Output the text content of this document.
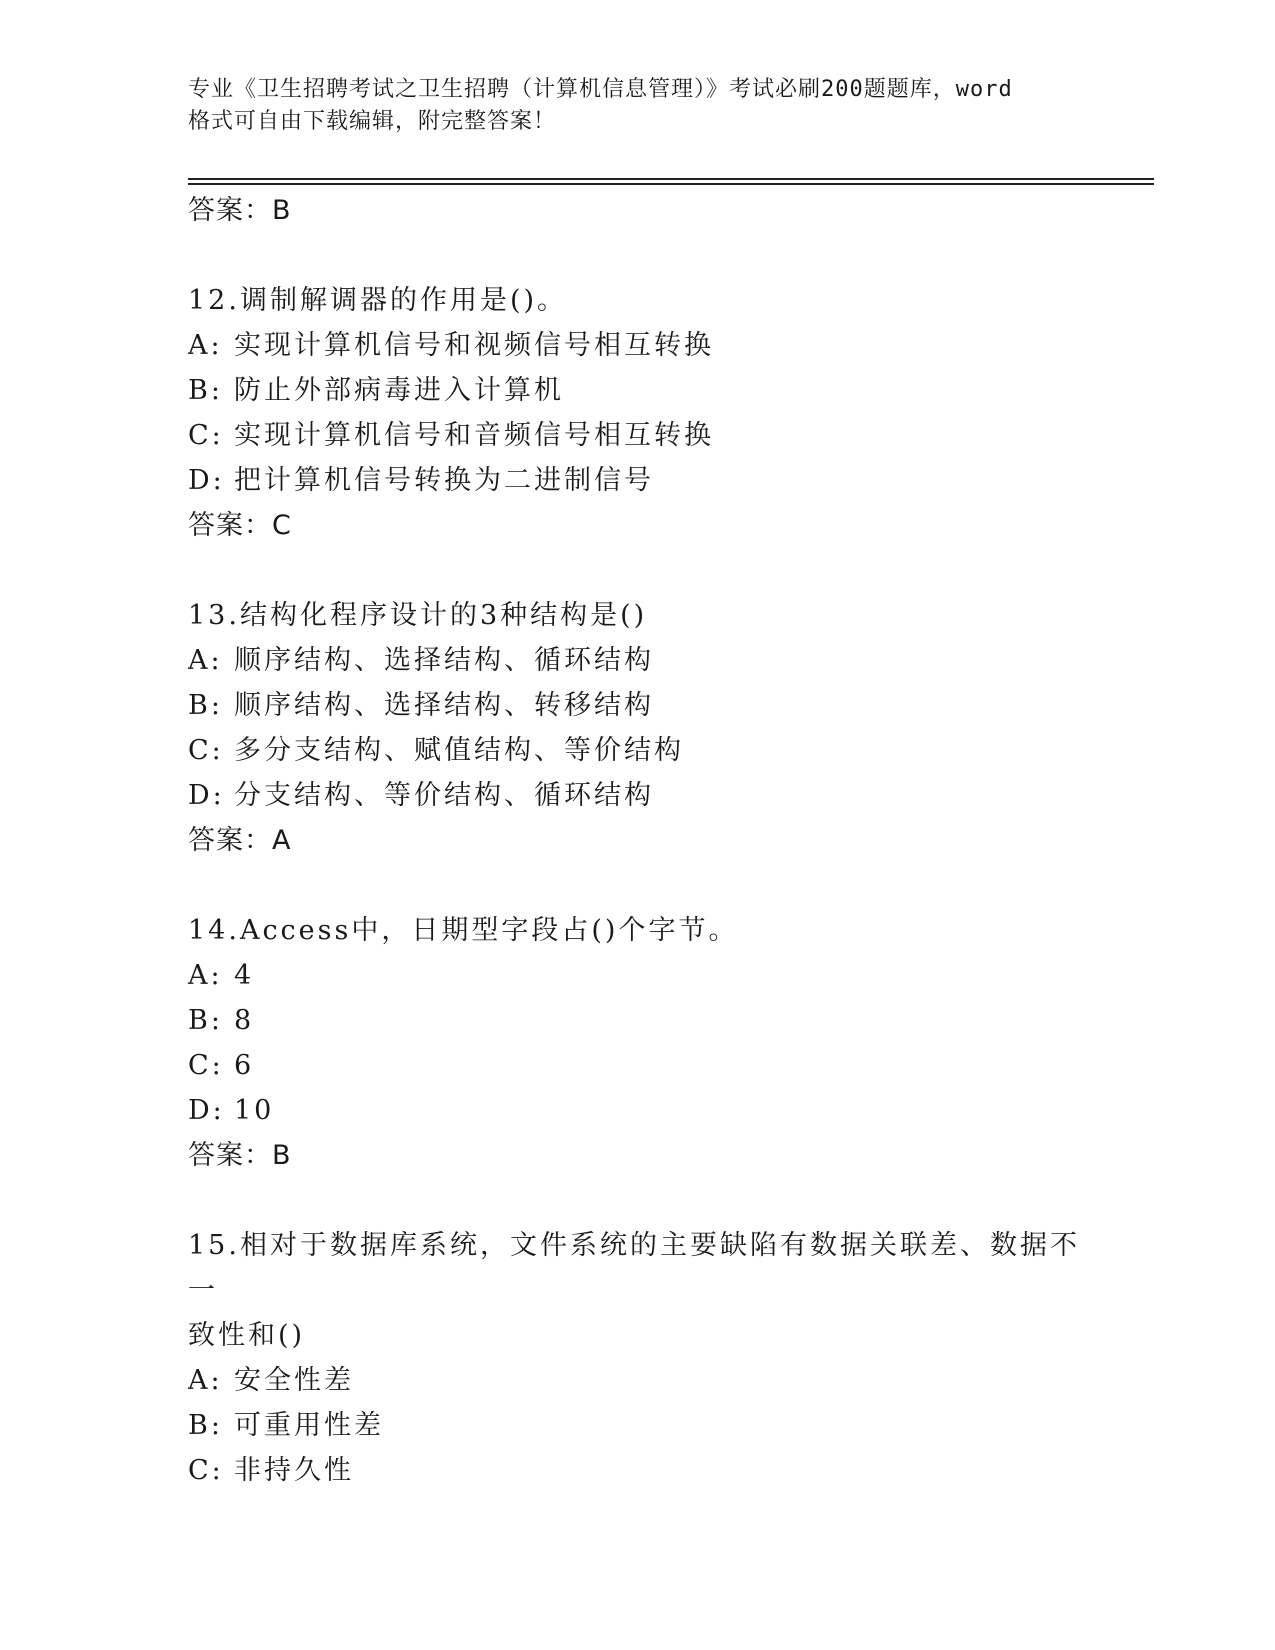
专业《卫生招聘考试之卫生招聘（计算机信息管理）》考试必刷200题题库，word
格式可自由下载编辑，附完整答案！

答案：B

12.调制解调器的作用是()。
A: 实现计算机信号和视频信号相互转换
B: 防止外部病毒进入计算机
C: 实现计算机信号和音频信号相互转换
D: 把计算机信号转换为二进制信号

答案：C

13.结构化程序设计的3种结构是()
A: 顺序结构、选择结构、循环结构
B: 顺序结构、选择结构、转移结构
C: 多分支结构、赋值结构、等价结构
D: 分支结构、等价结构、循环结构

答案：A

14.Access中，日期型字段占()个字节。
A: 4
B: 8
C: 6
D: 10

答案：B

15.相对于数据库系统，文件系统的主要缺陷有数据关联差、数据不一
致性和()
A: 安全性差
B: 可重用性差
C: 非持久性
